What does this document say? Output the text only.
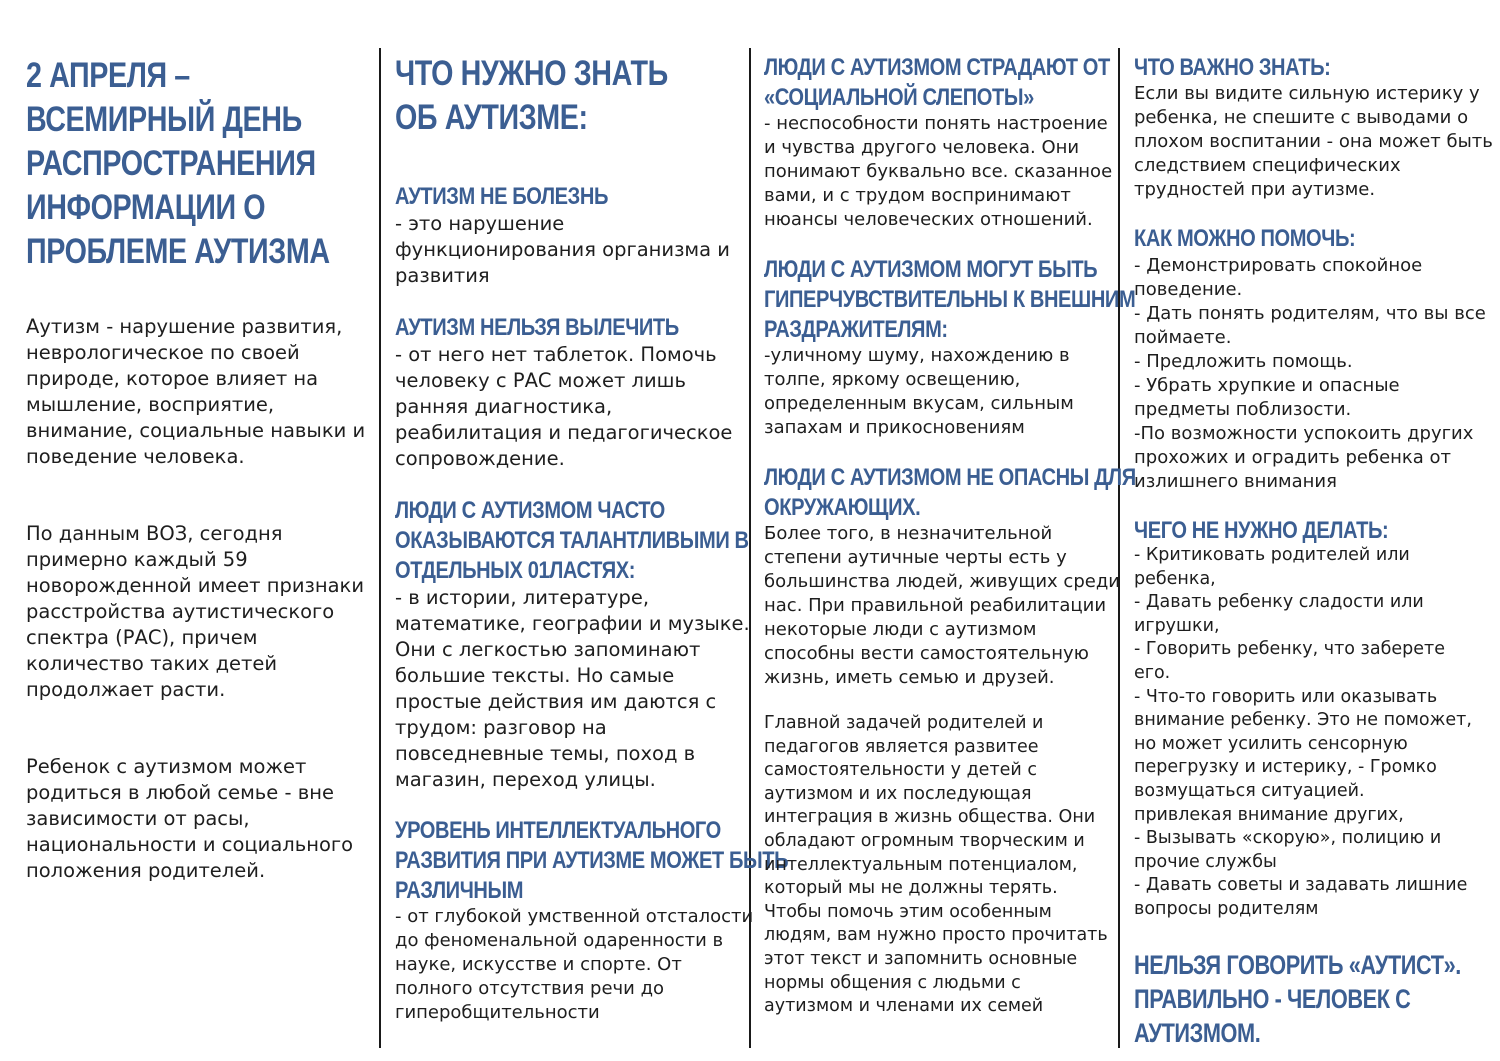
2 АПРЕЛЯ –
ВСЕМИРНЫЙ ДЕНЬ
РАСПРОСТРАНЕНИЯ
ИНФОРМАЦИИ О
ПРОБЛЕМЕ АУТИЗМА
Аутизм - нарушение развития,
неврологическое по своей
природе, которое влияет на
мышление, восприятие,
внимание, социальные навыки и
поведение человека.
По данным ВОЗ, сегодня
примерно каждый 59
новорожденной имеет признаки
расстройства аутистического
спектра (РАС), причем
количество таких детей
продолжает расти.
Ребенок с аутизмом может
родиться в любой семье - вне
зависимости от расы,
национальности и социального
положения родителей.
ЧТО НУЖНО ЗНАТЬ
ОБ АУТИЗМЕ:
АУТИЗМ НЕ БОЛЕЗНЬ
- это нарушение
функционирования организма и
развития
АУТИЗМ НЕЛЬЗЯ ВЫЛЕЧИТЬ
- от него нет таблеток. Помочь
человеку с РАС может лишь
ранняя диагностика,
реабилитация и педагогическое
сопровождение.
ЛЮДИ С АУТИЗМОМ ЧАСТО
ОКАЗЫВАЮТСЯ ТАЛАНТЛИВЫМИ В
ОТДЕЛЬНЫХ 01ЛАСТЯХ:
- в истории, литературе,
математике, географии и музыке.
Они с легкостью запоминают
большие тексты. Но самые
простые действия им даются с
трудом: разговор на
повседневные темы, поход в
магазин, переход улицы.
УРОВЕНЬ ИНТЕЛЛЕКТУАЛЬНОГО
РАЗВИТИЯ ПРИ АУТИЗМЕ МОЖЕТ БЫТЬ
РАЗЛИЧНЫМ
- от глубокой умственной отсталости
до феноменальной одаренности в
науке, искусстве и спорте. От
полного отсутствия речи до
гиперобщительности
ЛЮДИ С АУТИЗМОМ СТРАДАЮТ ОТ
«СОЦИАЛЬНОЙ СЛЕПОТЫ»
- неспособности понять настроение
и чувства другого человека. Они
понимают буквально все. сказанное
вами, и с трудом воспринимают
нюансы человеческих отношений.
ЛЮДИ С АУТИЗМОМ МОГУТ БЫТЬ
ГИПЕРЧУВСТВИТЕЛЬНЫ К ВНЕШНИМ
РАЗДРАЖИТЕЛЯМ:
-уличному шуму, нахождению в
толпе, яркому освещению,
определенным вкусам, сильным
запахам и прикосновениям
ЛЮДИ С АУТИЗМОМ НЕ ОПАСНЫ ДЛЯ
ОКРУЖАЮЩИХ.
Более того, в незначительной
степени аутичные черты есть у
большинства людей, живущих среди
нас. При правильной реабилитации
некоторые люди с аутизмом
способны вести самостоятельную
жизнь, иметь семью и друзей.
Главной задачей родителей и
педагогов является развитее
самостоятельности у детей с
аутизмом и их последующая
интеграция в жизнь общества. Они
обладают огромным творческим и
интеллектуальным потенциалом,
который мы не должны терять.
Чтобы помочь этим особенным
людям, вам нужно просто прочитать
этот текст и запомнить основные
нормы общения с людьми с
аутизмом и членами их семей
ЧТО ВАЖНО ЗНАТЬ:
Если вы видите сильную истерику у
ребенка, не спешите с выводами о
плохом воспитании - она может быть
следствием специфических
трудностей при аутизме.
КАК МОЖНО ПОМОЧЬ:
- Демонстрировать спокойное
поведение.
- Дать понять родителям, что вы все
поймаете.
- Предложить помощь.
- Убрать хрупкие и опасные
предметы поблизости.
-По возможности успокоить других
прохожих и оградить ребенка от
излишнего внимания
ЧЕГО НЕ НУЖНО ДЕЛАТЬ:
- Критиковать родителей или
ребенка,
- Давать ребенку сладости или
игрушки,
- Говорить ребенку, что заберете
его.
- Что-то говорить или оказывать
внимание ребенку. Это не поможет,
но может усилить сенсорную
перегрузку и истерику, - Громко
возмущаться ситуацией.
привлекая внимание других,
- Вызывать «скорую», полицию и
прочие службы
- Давать советы и задавать лишние
вопросы родителям
НЕЛЬЗЯ ГОВОРИТЬ «АУТИСТ».
ПРАВИЛЬНО - ЧЕЛОВЕК С
АУТИЗМОМ.
